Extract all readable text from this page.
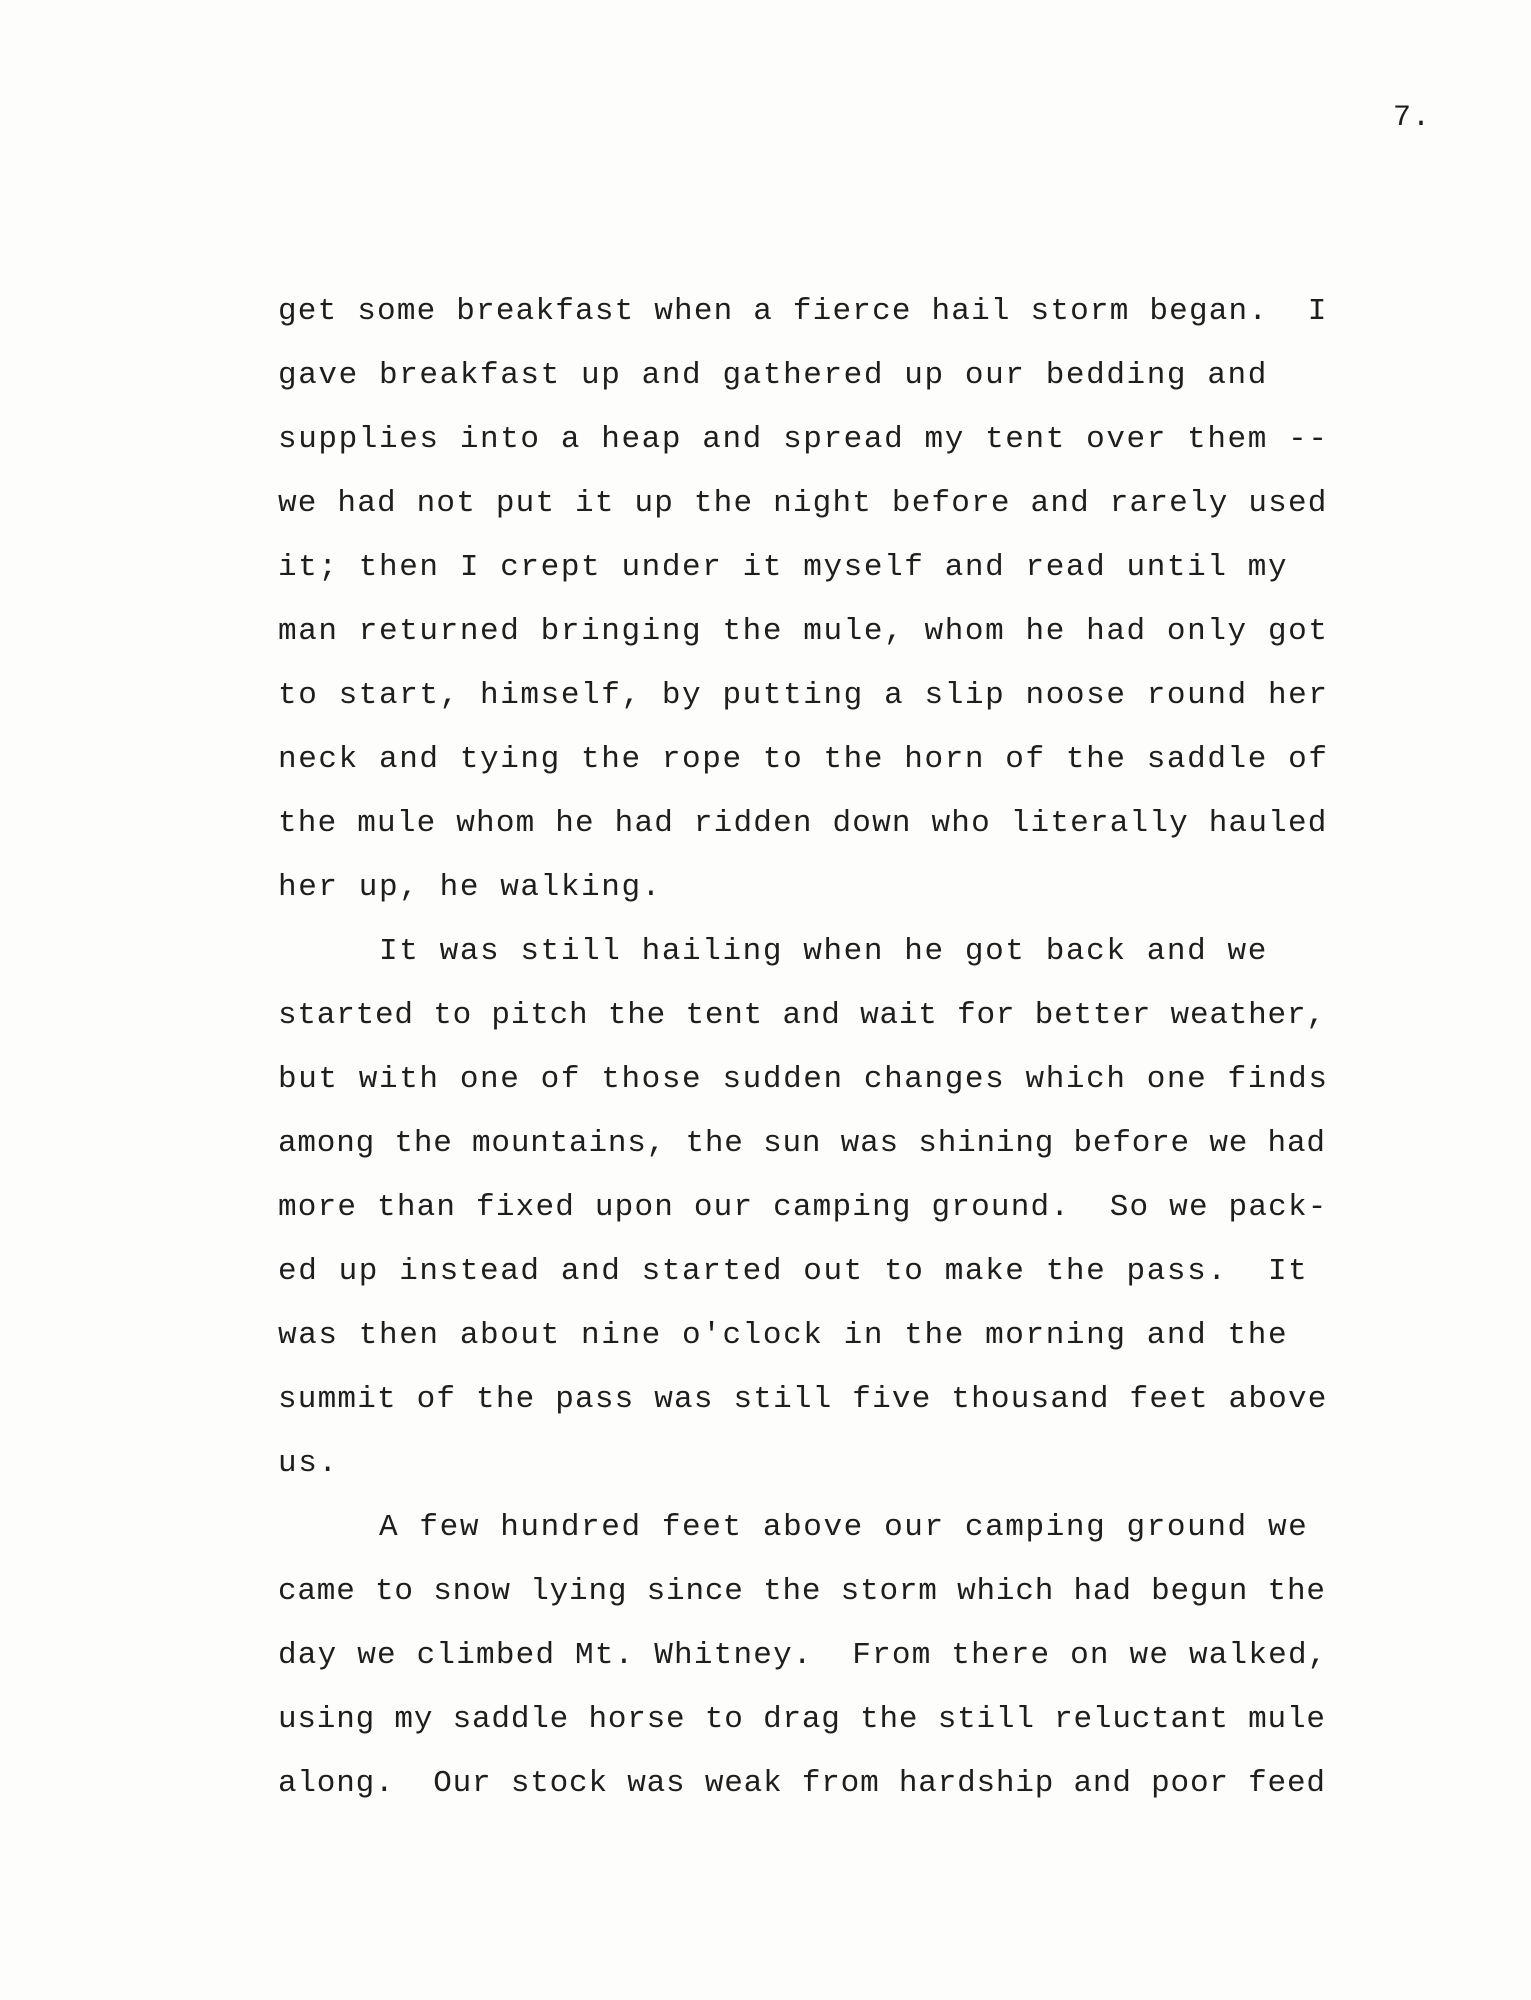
7.
get some breakfast when a fierce hail storm began.  I
gave breakfast up and gathered up our bedding and
supplies into a heap and spread my tent over them --
we had not put it up the night before and rarely used
it; then I crept under it myself and read until my
man returned bringing the mule, whom he had only got
to start, himself, by putting a slip noose round her
neck and tying the rope to the horn of the saddle of
the mule whom he had ridden down who literally hauled
her up, he walking.
It was still hailing when he got back and we
started to pitch the tent and wait for better weather,
but with one of those sudden changes which one finds
among the mountains, the sun was shining before we had
more than fixed upon our camping ground.  So we pack-
ed up instead and started out to make the pass.  It
was then about nine o'clock in the morning and the
summit of the pass was still five thousand feet above
us.
A few hundred feet above our camping ground we
came to snow lying since the storm which had begun the
day we climbed Mt. Whitney.  From there on we walked,
using my saddle horse to drag the still reluctant mule
along.  Our stock was weak from hardship and poor feed
